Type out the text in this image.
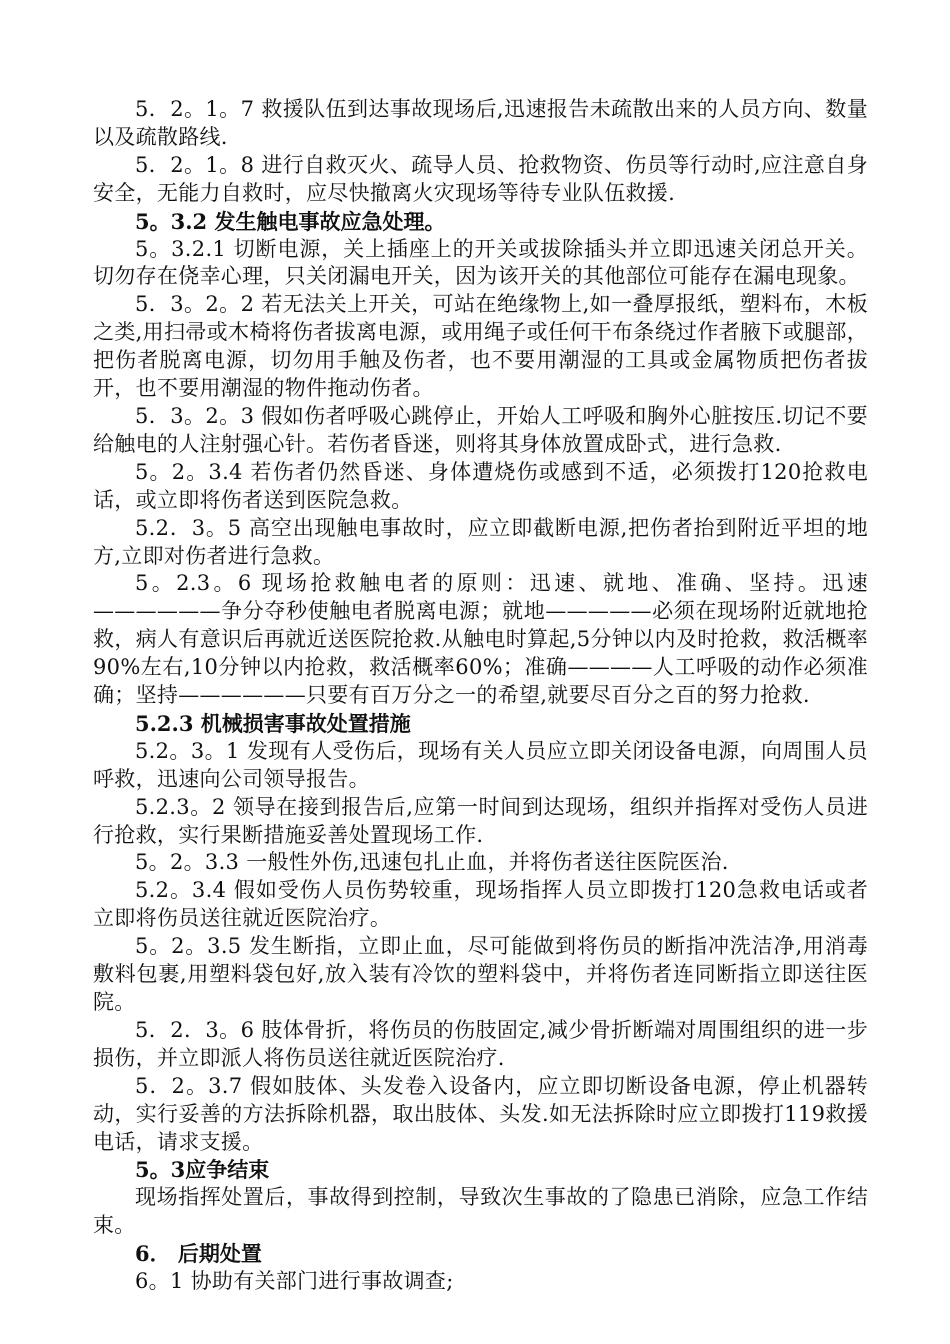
5．2。1。7 救援队伍到达事故现场后,迅速报告未疏散出来的人员方向、数量以及疏散路线.

5．2。1。8 进行自救灭火、疏导人员、抢救物资、伤员等行动时,应注意自身安全，无能力自救时，应尽快撤离火灾现场等待专业队伍救援.

5。3.2 发生触电事故应急处理。

5。3.2.1 切断电源，关上插座上的开关或拔除插头并立即迅速关闭总开关。切勿存在侥幸心理，只关闭漏电开关，因为该开关的其他部位可能存在漏电现象。

5．3。2。2 若无法关上开关，可站在绝缘物上,如一叠厚报纸，塑料布，木板之类,用扫帚或木椅将伤者拔离电源，或用绳子或任何干布条绕过作者腋下或腿部，把伤者脱离电源，切勿用手触及伤者，也不要用潮湿的工具或金属物质把伤者拔开，也不要用潮湿的物件拖动伤者。

5．3。2。3 假如伤者呼吸心跳停止，开始人工呼吸和胸外心脏按压.切记不要给触电的人注射强心针。若伤者昏迷，则将其身体放置成卧式，进行急救.

5。2。3.4 若伤者仍然昏迷、身体遭烧伤或感到不适，必须拨打120抢救电话，或立即将伤者送到医院急救。

5.2．3。5 高空出现触电事故时，应立即截断电源,把伤者抬到附近平坦的地方,立即对伤者进行急救。

5。2.3。6 现场抢救触电者的原则：迅速、就地、准确、坚持。迅速——————争分夺秒使触电者脱离电源；就地—————必须在现场附近就地抢救，病人有意识后再就近送医院抢救.从触电时算起,5分钟以内及时抢救，救活概率90%左右,10分钟以内抢救，救活概率60%；准确————人工呼吸的动作必须准确；坚持——————只要有百万分之一的希望,就要尽百分之百的努力抢救.

5.2.3 机械损害事故处置措施

5.2。3。1 发现有人受伤后，现场有关人员应立即关闭设备电源，向周围人员呼救，迅速向公司领导报告。

5.2.3。2 领导在接到报告后,应第一时间到达现场，组织并指挥对受伤人员进行抢救，实行果断措施妥善处置现场工作.

5。2。3.3 一般性外伤,迅速包扎止血，并将伤者送往医院医治.

5.2。3.4 假如受伤人员伤势较重，现场指挥人员立即拨打120急救电话或者立即将伤员送往就近医院治疗。

5。2。3.5 发生断指，立即止血，尽可能做到将伤员的断指冲洗洁净,用消毒敷料包裹,用塑料袋包好,放入装有冷饮的塑料袋中，并将伤者连同断指立即送往医院。

5．2．3。6 肢体骨折，将伤员的伤肢固定,减少骨折断端对周围组织的进一步损伤，并立即派人将伤员送往就近医院治疗.

5．2。3.7 假如肢体、头发卷入设备内，应立即切断设备电源，停止机器转动，实行妥善的方法拆除机器，取出肢体、头发.如无法拆除时应立即拨打119救援电话，请求支援。

5。3应争结束

现场指挥处置后，事故得到控制，导致次生事故的了隐患已消除，应急工作结束。

6． 后期处置

6。1 协助有关部门进行事故调查;
